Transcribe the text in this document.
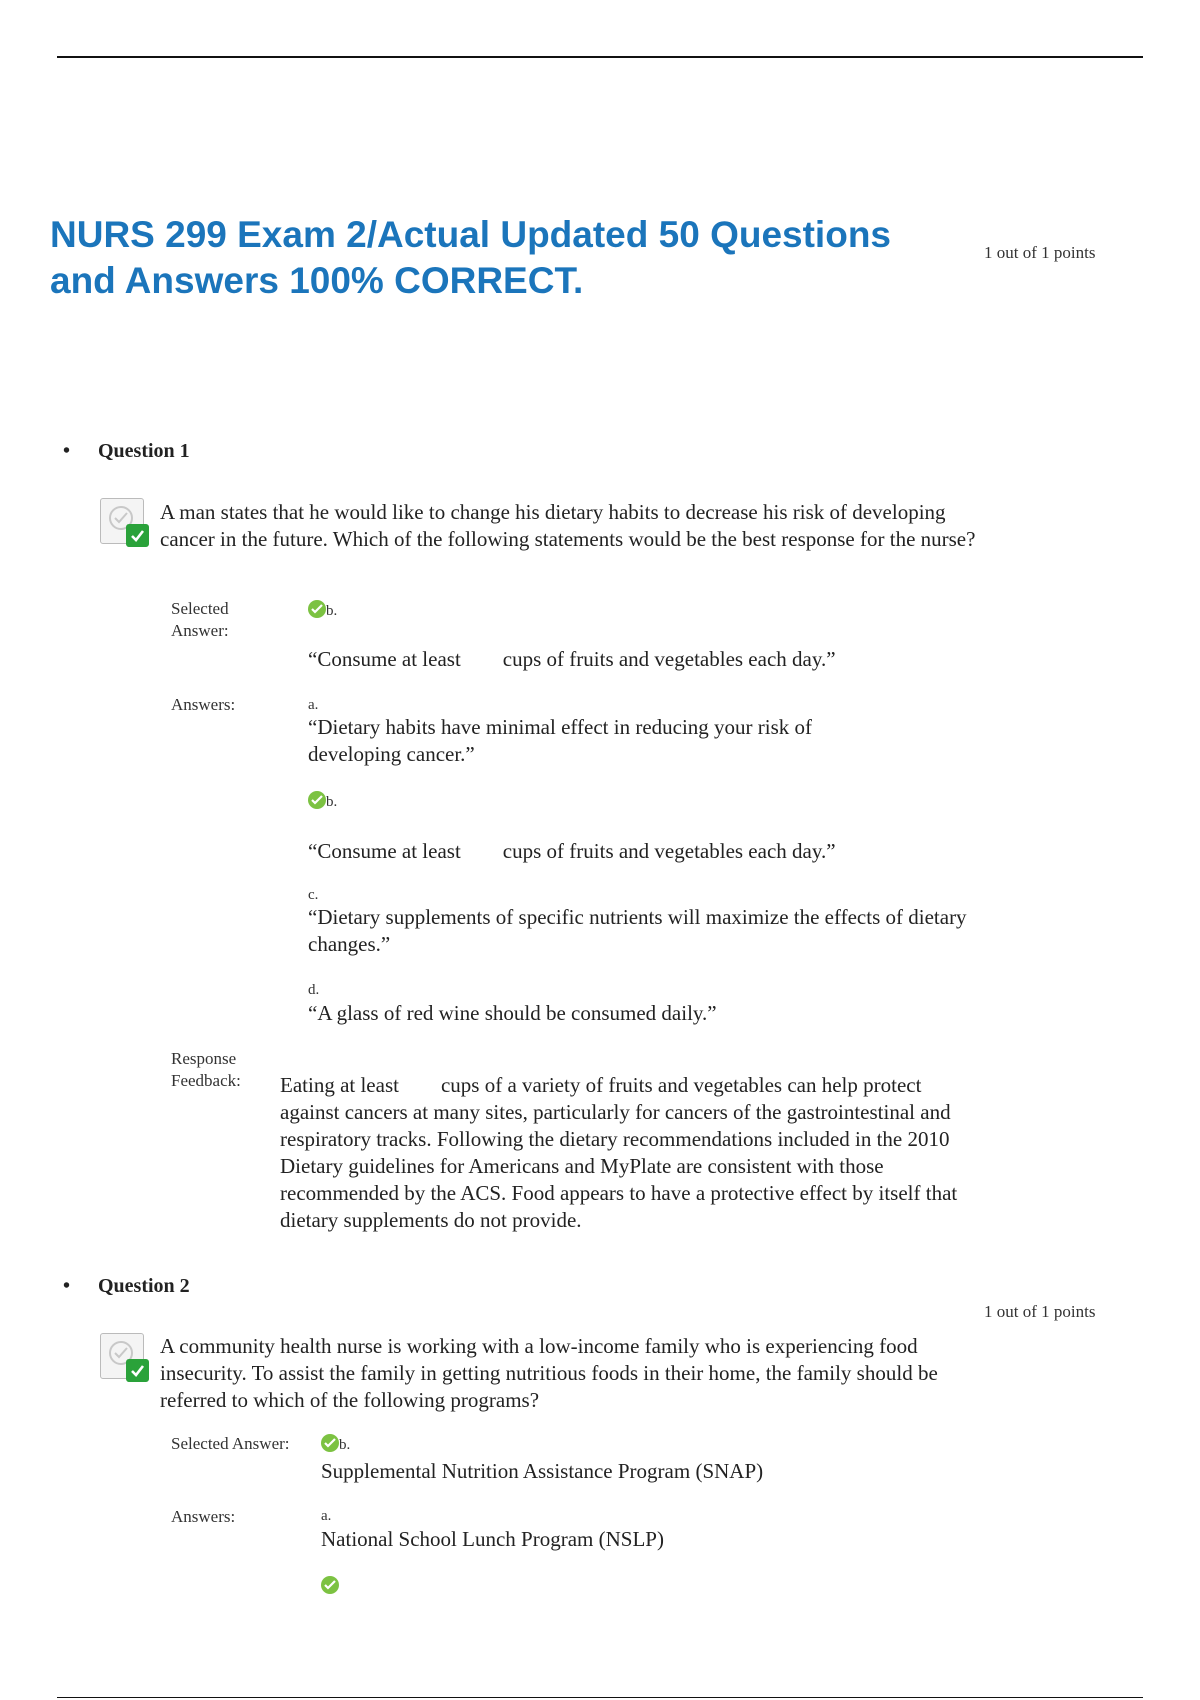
NURS 299 Exam 2/Actual Updated 50 Questions and Answers 100% CORRECT.
1 out of 1 points
• Question 1
A man states that he would like to change his dietary habits to decrease his risk of developing cancer in the future. Which of the following statements would be the best response for the nurse?
Selected Answer:
b.
“Consume at least cups of fruits and vegetables each day.”
Answers:	a.
“Dietary habits have minimal effect in reducing your risk of developing cancer.”
b.
“Consume at least cups of fruits and vegetables each day.”
c.
“Dietary supplements of specific nutrients will maximize the effects of dietary changes.”
d.
“A glass of red wine should be consumed daily.”
Response Feedback:	Eating at least cups of a variety of fruits and vegetables can help protect against cancers at many sites, particularly for cancers of the gastrointestinal and respiratory tracks. Following the dietary recommendations included in the 2010 Dietary guidelines for Americans and MyPlate are consistent with those recommended by the ACS. Food appears to have a protective effect by itself that dietary supplements do not provide.
• Question 2
1 out of 1 points
A community health nurse is working with a low-income family who is experiencing food insecurity. To assist the family in getting nutritious foods in their home, the family should be referred to which of the following programs?
Selected Answer:	b.
Supplemental Nutrition Assistance Program (SNAP)
Answers:	a.
National School Lunch Program (NSLP)
